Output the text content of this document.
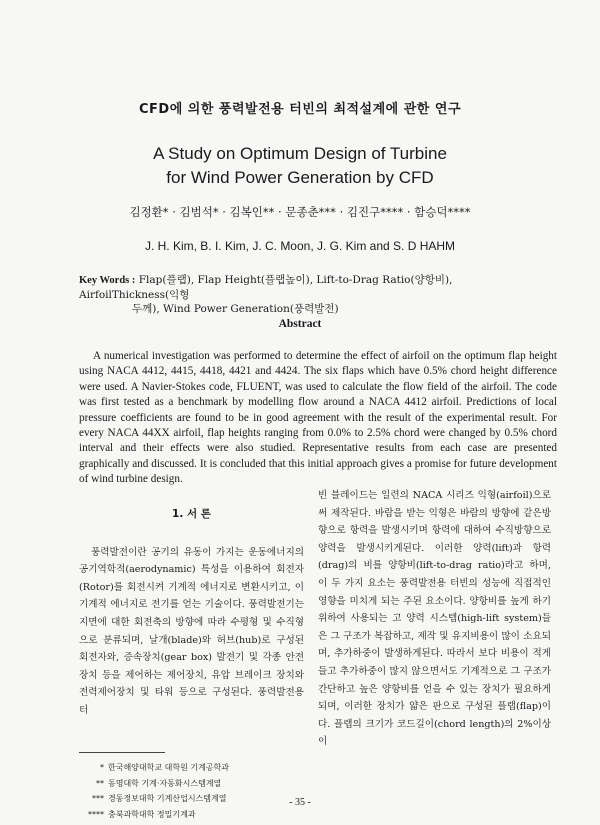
CFD에 의한 풍력발전용 터빈의 최적설계에 관한 연구
A Study on Optimum Design of Turbine
for Wind Power Generation by CFD
김정환* · 김범석* · 김복인** · 문종춘*** · 김진구**** · 함승덕****
J. H. Kim, B. I. Kim, J. C. Moon, J. G. Kim and S. D HAHM
Key Words : Flap(플랩), Flap Height(플랩높이), Lift-to-Drag Ratio(양항비), AirfoilThickness(익형
두께), Wind Power Generation(풍력발전)
Abstract
A numerical investigation was performed to determine the effect of airfoil on the optimum flap height using NACA 4412, 4415, 4418, 4421 and 4424. The six flaps which have 0.5% chord height difference were used. A Navier-Stokes code, FLUENT, was used to calculate the flow field of the airfoil. The code was first tested as a benchmark by modelling flow around a NACA 4412 airfoil. Predictions of local pressure coefficients are found to be in good agreement with the result of the experimental result. For every NACA 44XX airfoil, flap heights ranging from 0.0% to 2.5% chord were changed by 0.5% chord interval and their effects were also studied. Representative results from each case are presented graphically and discussed. It is concluded that this initial approach gives a promise for future development of wind turbine design.
1. 서 론

풍력발전이란 공기의 유동이 가지는 운동에너지의 공기역학적(aerodynamic) 특성을 이용하여 회전자(Rotor)를 회전시켜 기계적 에너지로 변환시키고, 이 기계적 에너지로 전기를 얻는 기술이다. 풍력발전기는 지면에 대한 회전축의 방향에 따라 수평형 및 수직형으로 분류되며, 날개(blade)와 허브(hub)로 구성된 회전자와, 증속장치(gear box) 발전기 및 각종 안전장치 등을 제어하는 제어장치, 유압 브레이크 장치와 전력제어장치 및 타워 등으로 구성된다. 풍력발전용 터

빈 블레이드는 일련의 NACA 시리즈 익형(airfoil)으로써 제작된다. 바람을 받는 익형은 바람의 방향에 같은방향으로 항력을 발생시키며 항력에 대하여 수직방향으로 양력을 발생시키게된다. 이러한 양력(lift)과 항력(drag)의 비를 양항비(lift-to-drag ratio)라고 하며, 이 두 가지 요소는 풍력발전용 터빈의 성능에 직접적인 영향을 미치게 되는 주된 요소이다. 양항비를 높게 하기 위하여 사용되는 고 양력 시스템(high-lift system)들은 그 구조가 복잡하고, 제작 및 유지비용이 많이 소요되며, 추가하중이 발생하게된다. 따라서 보다 비용이 적게들고 추가하중이 많지 않으면서도 기계적으로 그 구조가 간단하고 높은 양항비를 얻을 수 있는 장치가 필요하게 되며, 이러한 장치가 얇은 판으로 구성된 플랩(flap)이다. 플랩의 크기가 코드길이(chord length)의 2%이상이

* 한국해양대학교 대학원 기계공학과
** 동명대학 기계·자동화시스템계열
*** 경동정보대학 기계산업시스템계열
**** 충북과학대학 정밀기계과
- 35 -
